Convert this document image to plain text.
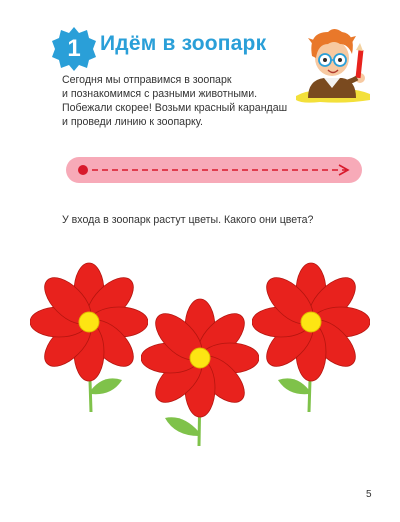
1 Идём в зоопарк

Сегодня мы отправимся в зоопарк

и познакомимся с разными животными.

Побежали скорее! Возьми красный карандаш

и проведи линию к зоопарку.

У входа в зоопарк растут цветы. Какого они цвета?
5
